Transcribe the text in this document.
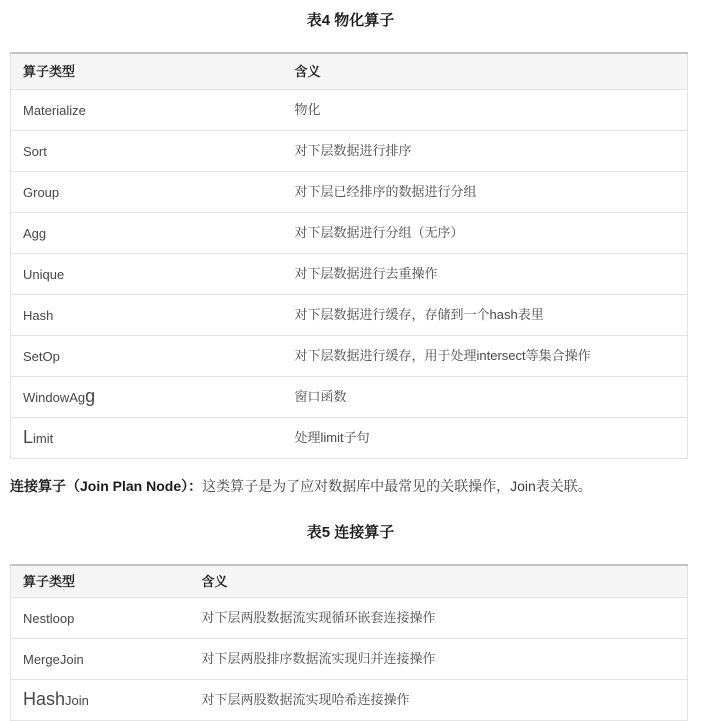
表4 物化算子
算子类型	含义
Materialize	物化
Sort	对下层数据进行排序
Group	对下层已经排序的数据进行分组
Agg	对下层数据进行分组（无序）
Unique	对下层数据进行去重操作
Hash	对下层数据进行缓存，存储到一个hash表里
SetOp	对下层数据进行缓存，用于处理intersect等集合操作
WindowAgg	窗口函数
Limit	处理limit子句

连接算子（Join Plan Node）：这类算子是为了应对数据库中最常见的关联操作，Join表关联。

表5 连接算子
算子类型	含义
Nestloop	对下层两股数据流实现循环嵌套连接操作
MergeJoin	对下层两股排序数据流实现归并连接操作
HashJoin	对下层两股数据流实现哈希连接操作
